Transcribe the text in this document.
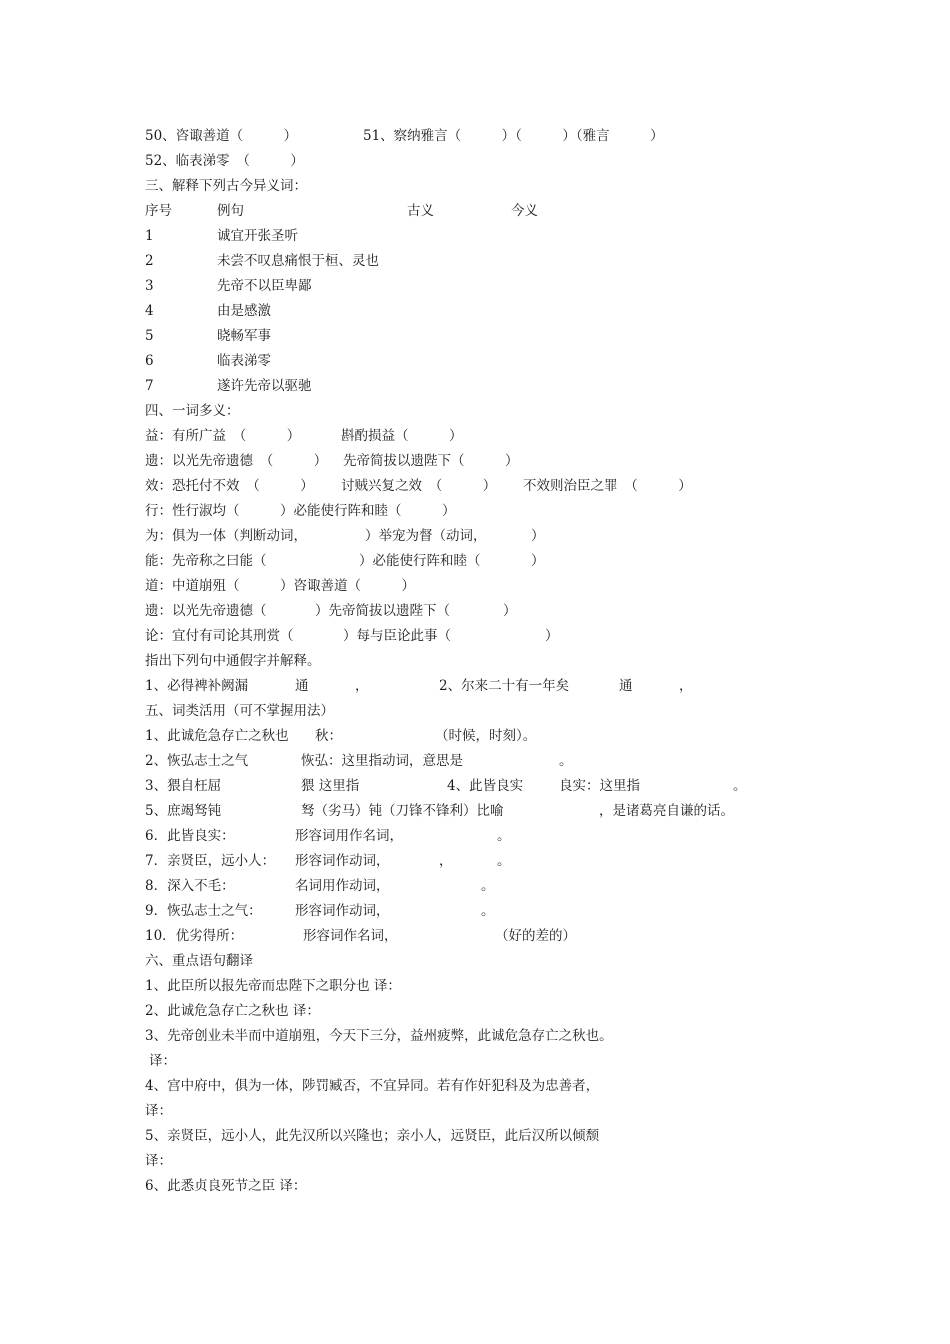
50、咨诹善道（　　　）	51、察纳雅言（　　　）（　　　）（雅言　　　）
52、临表涕零　（　　　）
三、解释下列古今异义词：
序号	例句	古义	今义
1	诚宜开张圣听
2	未尝不叹息痛恨于桓、灵也
3	先帝不以臣卑鄙
4	由是感激
5	晓畅军事
6	临表涕零
7	遂许先帝以驱驰
四、一词多义：
益：有所广益　（　　　）	斟酌损益（　　　）
遗：以光先帝遗德　（　　　） 先帝简拔以遗陛下（　　　）
效：恐托付不效　（　　　） 讨贼兴复之效　（　　　） 不效则治臣之罪　（　　　）
行：性行淑均（　　　）必能使行阵和睦（　　　）
为：俱为一体（判断动词，	）举宠为督（动词，	）
能：先帝称之曰能（	）必能使行阵和睦（	）
道：中道崩殂（　　　）咨诹善道（　　　）
遗：以光先帝遗德（	）先帝简拔以遗陛下（	）
论：宜付有司论其刑赏（	）每与臣论此事（	）
指出下列句中通假字并解释。
1、必得裨补阙漏	通	，	2、尔来二十有一年矣	通	，
五、词类活用（可不掌握用法）
1、此诚危急存亡之秋也 秋：	（时候，时刻）。
2、恢弘志士之气	恢弘：这里指动词，意思是	。
3、猥自枉屈	猥 这里指	4、此皆良实	良实：这里指	。
5、庶竭驽钝	驽（劣马）钝（刀锋不锋利）比喻	，是诸葛亮自谦的话。
6．此皆良实：	形容词用作名词，	。
7．亲贤臣，远小人： 形容词作动词，	，	。
8．深入不毛：	名词用作动词，	。
9．恢弘志士之气： 形容词作动词，	。
10．优劣得所：	形容词作名词，	（好的差的）
六、重点语句翻译
1、此臣所以报先帝而忠陛下之职分也 译：
2、此诚危急存亡之秋也 译：
3、先帝创业未半而中道崩殂，今天下三分，益州疲弊，此诚危急存亡之秋也。
译：
4、宫中府中，俱为一体，陟罚臧否，不宜异同。若有作奸犯科及为忠善者，
译：
5、亲贤臣，远小人，此先汉所以兴隆也；亲小人，远贤臣，此后汉所以倾颓
译：
6、此悉贞良死节之臣 译：
